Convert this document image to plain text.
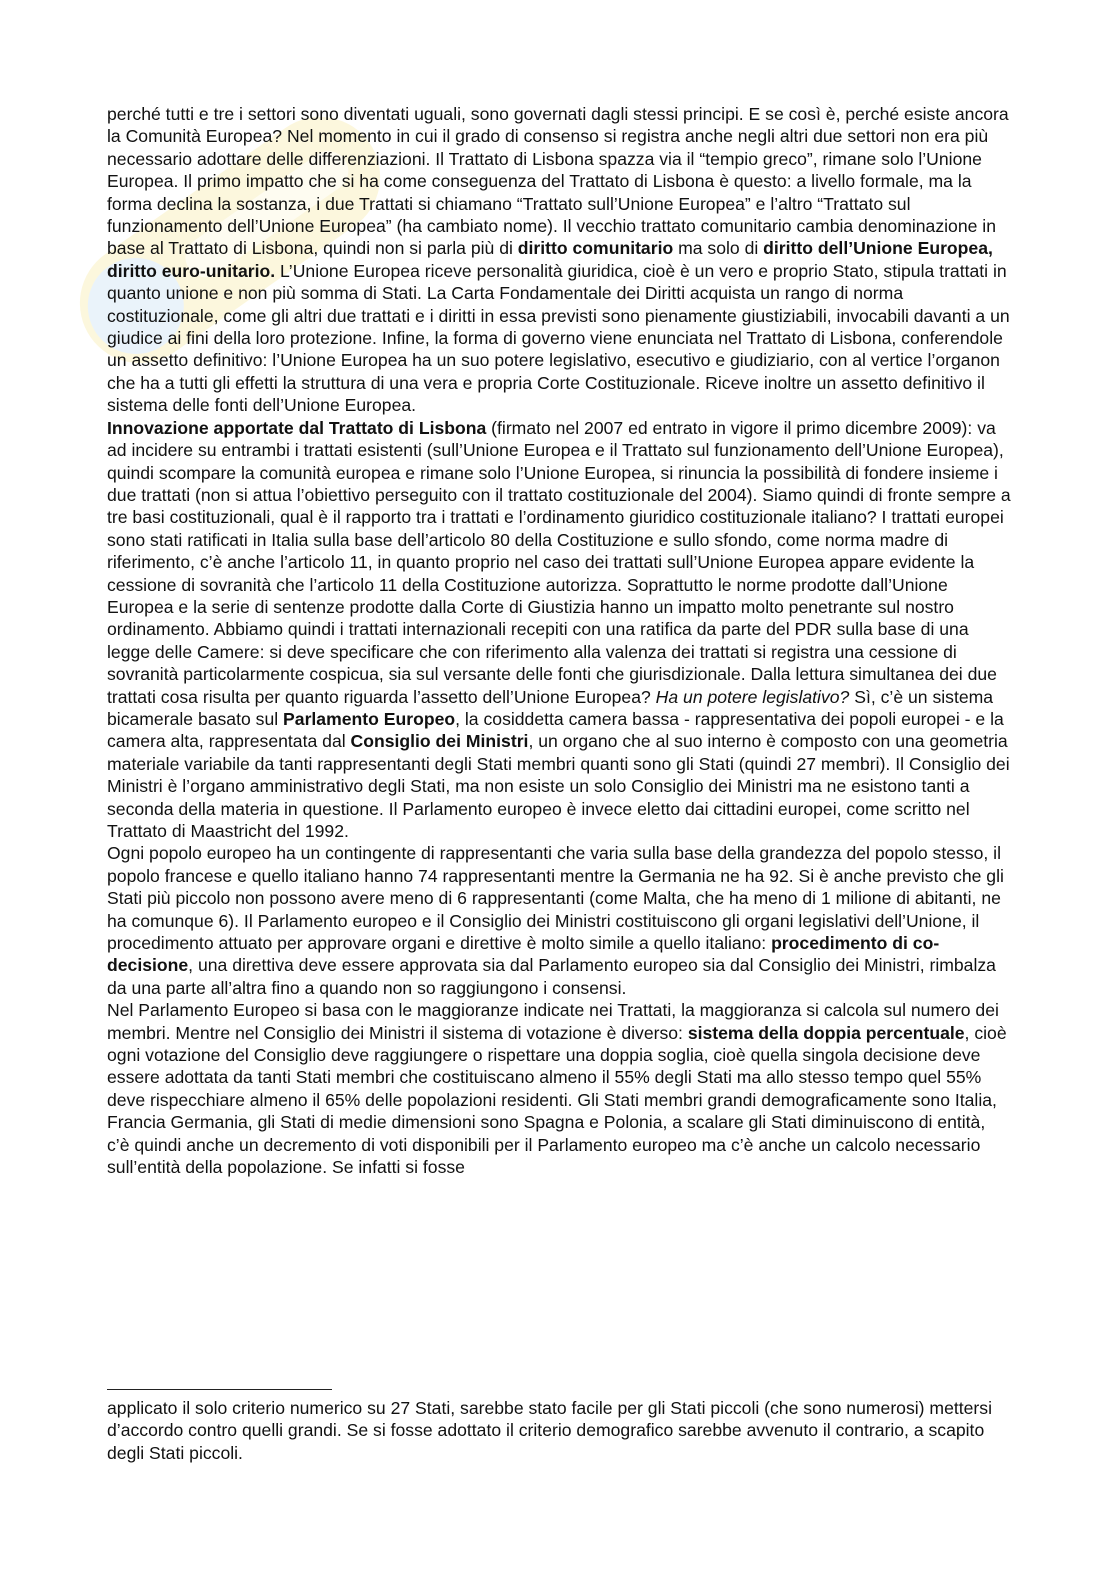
perché tutti e tre i settori sono diventati uguali, sono governati dagli stessi principi. E se così è, perché esiste ancora la Comunità Europea? Nel momento in cui il grado di consenso si registra anche negli altri due settori non era più necessario adottare delle differenziazioni. Il Trattato di Lisbona spazza via il “tempio greco”, rimane solo l’Unione Europea. Il primo impatto che si ha come conseguenza del Trattato di Lisbona è questo: a livello formale, ma la forma declina la sostanza, i due Trattati si chiamano “Trattato sull’Unione Europea” e l’altro “Trattato sul funzionamento dell’Unione Europea” (ha cambiato nome). Il vecchio trattato comunitario cambia denominazione in base al Trattato di Lisbona, quindi non si parla più di diritto comunitario ma solo di diritto dell’Unione Europea, diritto euro-unitario. L’Unione Europea riceve personalità giuridica, cioè è un vero e proprio Stato, stipula trattati in quanto unione e non più somma di Stati. La Carta Fondamentale dei Diritti acquista un rango di norma costituzionale, come gli altri due trattati e i diritti in essa previsti sono pienamente giustiziabili, invocabili davanti a un giudice ai fini della loro protezione. Infine, la forma di governo viene enunciata nel Trattato di Lisbona, conferendole un assetto definitivo: l’Unione Europea ha un suo potere legislativo, esecutivo e giudiziario, con al vertice l’organon che ha a tutti gli effetti la struttura di una vera e propria Corte Costituzionale. Riceve inoltre un assetto definitivo il sistema delle fonti dell’Unione Europea.

Innovazione apportate dal Trattato di Lisbona (firmato nel 2007 ed entrato in vigore il primo dicembre 2009): va ad incidere su entrambi i trattati esistenti (sull’Unione Europea e il Trattato sul funzionamento dell’Unione Europea), quindi scompare la comunità europea e rimane solo l’Unione Europea, si rinuncia la possibilità di fondere insieme i due trattati (non si attua l’obiettivo perseguito con il trattato costituzionale del 2004). Siamo quindi di fronte sempre a tre basi costituzionali, qual è il rapporto tra i trattati e l’ordinamento giuridico costituzionale italiano? I trattati europei sono stati ratificati in Italia sulla base dell’articolo 80 della Costituzione e sullo sfondo, come norma madre di riferimento, c’è anche l’articolo 11, in quanto proprio nel caso dei trattati sull’Unione Europea appare evidente la cessione di sovranità che l’articolo 11 della Costituzione autorizza. Soprattutto le norme prodotte dall’Unione Europea e la serie di sentenze prodotte dalla Corte di Giustizia hanno un impatto molto penetrante sul nostro ordinamento. Abbiamo quindi i trattati internazionali recepiti con una ratifica da parte del PDR sulla base di una legge delle Camere: si deve specificare che con riferimento alla valenza dei trattati si registra una cessione di sovranità particolarmente cospicua, sia sul versante delle fonti che giurisdizionale. Dalla lettura simultanea dei due trattati cosa risulta per quanto riguarda l’assetto dell’Unione Europea? Ha un potere legislativo? Sì, c’è un sistema bicamerale basato sul Parlamento Europeo, la cosiddetta camera bassa - rappresentativa dei popoli europei - e la camera alta, rappresentata dal Consiglio dei Ministri, un organo che al suo interno è composto con una geometria materiale variabile da tanti rappresentanti degli Stati membri quanti sono gli Stati (quindi 27 membri). Il Consiglio dei Ministri è l’organo amministrativo degli Stati, ma non esiste un solo Consiglio dei Ministri ma ne esistono tanti a seconda della materia in questione. Il Parlamento europeo è invece eletto dai cittadini europei, come scritto nel Trattato di Maastricht del 1992.

Ogni popolo europeo ha un contingente di rappresentanti che varia sulla base della grandezza del popolo stesso, il popolo francese e quello italiano hanno 74 rappresentanti mentre la Germania ne ha 92. Si è anche previsto che gli Stati più piccolo non possono avere meno di 6 rappresentanti (come Malta, che ha meno di 1 milione di abitanti, ne ha comunque 6). Il Parlamento europeo e il Consiglio dei Ministri costituiscono gli organi legislativi dell’Unione, il procedimento attuato per approvare organi e direttive è molto simile a quello italiano: procedimento di co-decisione, una direttiva deve essere approvata sia dal Parlamento europeo sia dal Consiglio dei Ministri, rimbalza da una parte all’altra fino a quando non so raggiungono i consensi.

Nel Parlamento Europeo si basa con le maggioranze indicate nei Trattati, la maggioranza si calcola sul numero dei membri. Mentre nel Consiglio dei Ministri il sistema di votazione è diverso: sistema della doppia percentuale, cioè ogni votazione del Consiglio deve raggiungere o rispettare una doppia soglia, cioè quella singola decisione deve essere adottata da tanti Stati membri che costituiscano almeno il 55% degli Stati ma allo stesso tempo quel 55% deve rispecchiare almeno il 65% delle popolazioni residenti. Gli Stati membri grandi demograficamente sono Italia, Francia Germania, gli Stati di medie dimensioni sono Spagna e Polonia, a scalare gli Stati diminuiscono di entità, c’è quindi anche un decremento di voti disponibili per il Parlamento europeo ma c’è anche un calcolo necessario sull’entità della popolazione. Se infatti si fosse

applicato il solo criterio numerico su 27 Stati, sarebbe stato facile per gli Stati piccoli (che sono numerosi) mettersi d’accordo contro quelli grandi. Se si fosse adottato il criterio demografico sarebbe avvenuto il contrario, a scapito degli Stati piccoli.
